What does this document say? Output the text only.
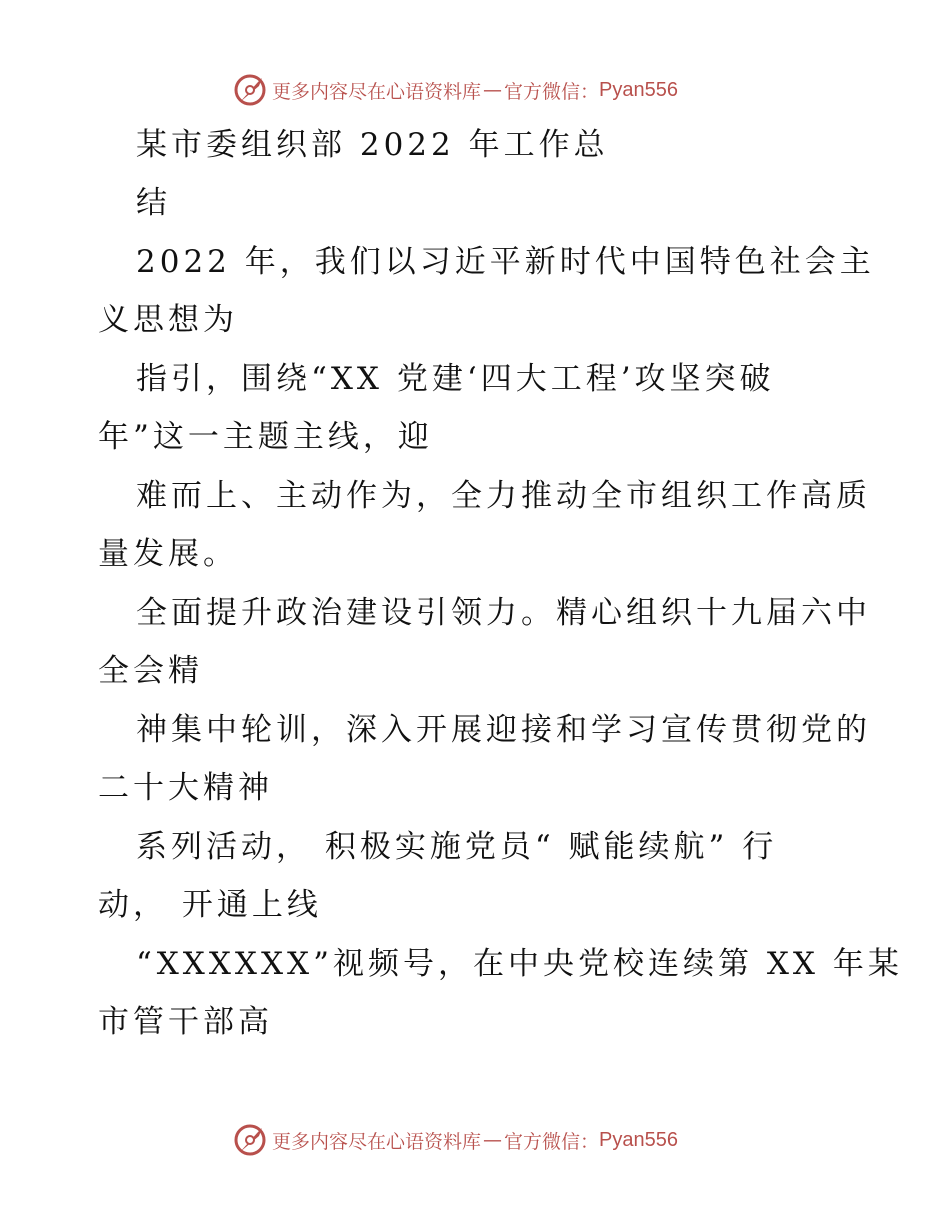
更多内容尽在心语资料库 — 官方微信： Pyan556
某市委组织部 2022 年工作总
结
2022 年，我们以习近平新时代中国特色社会主
义思想为
指引，围绕“XX 党建‘四大工程’攻坚突破
年”这一主题主线，迎
难而上、主动作为，全力推动全市组织工作高质
量发展。
全面提升政治建设引领力。精心组织十九届六中
全会精
神集中轮训，深入开展迎接和学习宣传贯彻党的
二十大精神
系列活动， 积极实施党员“ 赋能续航” 行
动， 开通上线
“XXXXXX”视频号，在中央党校连续第 XX 年某
市管干部高
更多内容尽在心语资料库 — 官方微信： Pyan556
